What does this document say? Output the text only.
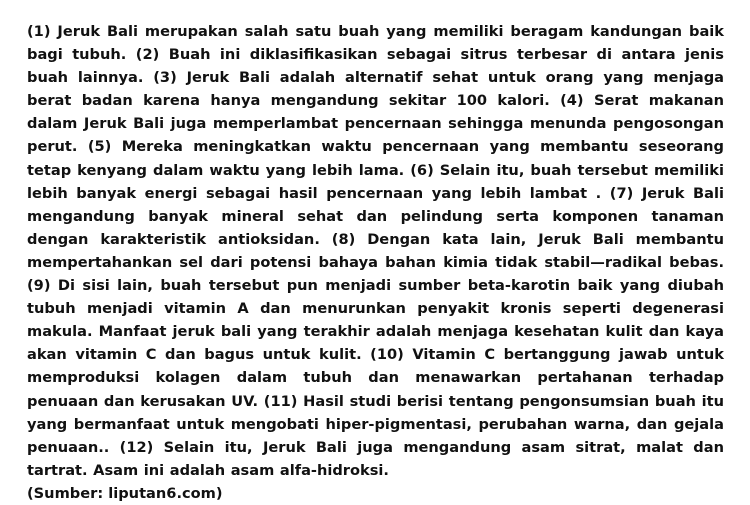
(1) Jeruk Bali merupakan salah satu buah yang memiliki beragam kandungan baik bagi tubuh. (2) Buah ini diklasifikasikan sebagai sitrus terbesar di antara jenis buah lainnya. (3) Jeruk Bali adalah alternatif sehat untuk orang yang menjaga berat badan karena hanya mengandung sekitar 100 kalori. (4) Serat makanan dalam Jeruk Bali juga memperlambat pencernaan sehingga menunda pengosongan perut. (5) Mereka meningkatkan waktu pencernaan yang membantu seseorang tetap kenyang dalam waktu yang lebih lama. (6) Selain itu, buah tersebut memiliki lebih banyak energi sebagai hasil pencernaan yang lebih lambat . (7) Jeruk Bali mengandung banyak mineral sehat dan pelindung serta komponen tanaman dengan karakteristik antioksidan. (8) Dengan kata lain, Jeruk Bali membantu mempertahankan sel dari potensi bahaya bahan kimia tidak stabil—radikal bebas. (9) Di sisi lain, buah tersebut pun menjadi sumber beta-karotin baik yang diubah tubuh menjadi vitamin A dan menurunkan penyakit kronis seperti degenerasi makula. Manfaat jeruk bali yang terakhir adalah menjaga kesehatan kulit dan kaya akan vitamin C dan bagus untuk kulit. (10) Vitamin C bertanggung jawab untuk memproduksi kolagen dalam tubuh dan menawarkan pertahanan terhadap penuaan dan kerusakan UV. (11) Hasil studi berisi tentang pengonsumsian buah itu yang bermanfaat untuk mengobati hiper-pigmentasi, perubahan warna, dan gejala penuaan.. (12) Selain itu, Jeruk Bali juga mengandung asam sitrat, malat dan tartrat. Asam ini adalah asam alfa-hidroksi.

(Sumber: liputan6.com)
